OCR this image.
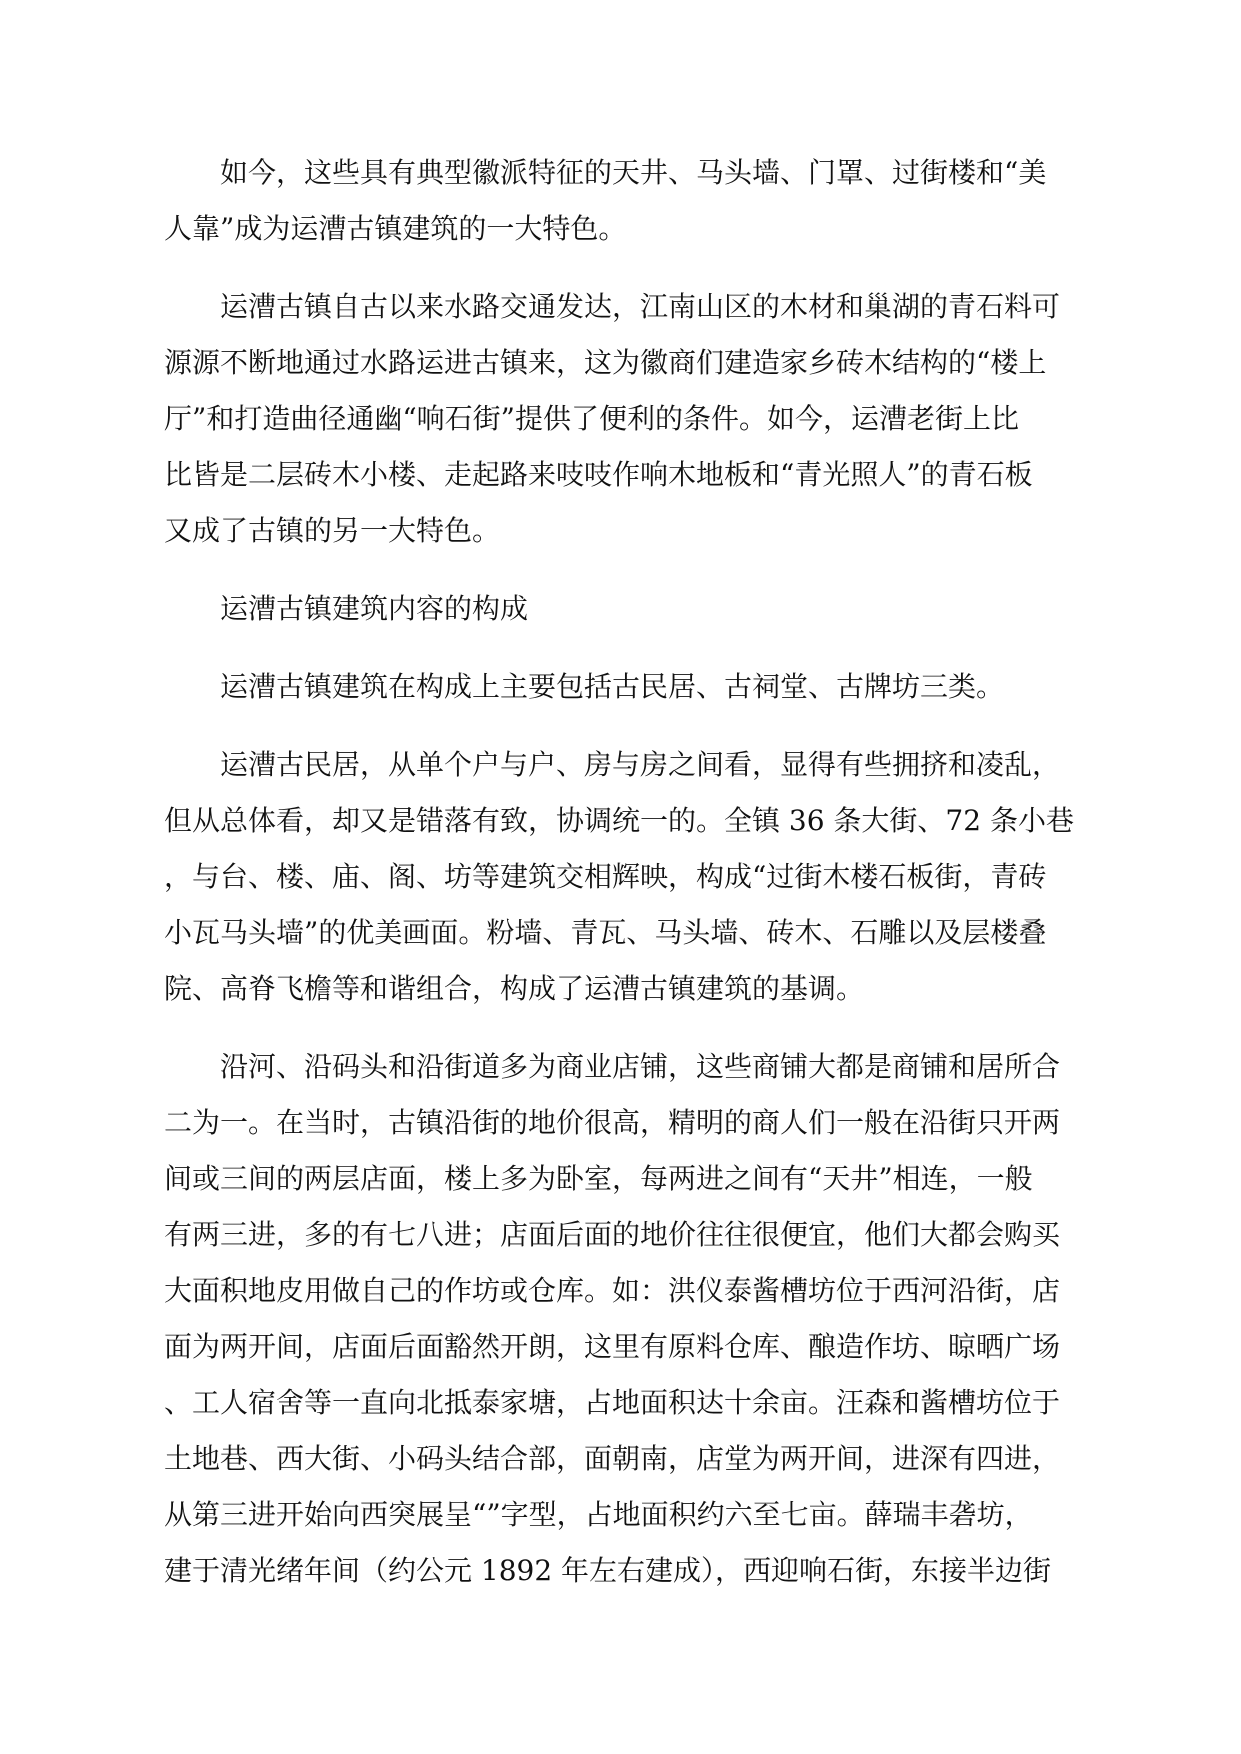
如今，这些具有典型徽派特征的天井、马头墙、门罩、过街楼和“美
人靠”成为运漕古镇建筑的一大特色。
运漕古镇自古以来水路交通发达，江南山区的木材和巢湖的青石料可
源源不断地通过水路运进古镇来，这为徽商们建造家乡砖木结构的“楼上
厅”和打造曲径通幽“响石街”提供了便利的条件。如今，运漕老街上比
比皆是二层砖木小楼、走起路来吱吱作响木地板和“青光照人”的青石板
又成了古镇的另一大特色。
运漕古镇建筑内容的构成
运漕古镇建筑在构成上主要包括古民居、古祠堂、古牌坊三类。
运漕古民居，从单个户与户、房与房之间看，显得有些拥挤和凌乱，
但从总体看，却又是错落有致，协调统一的。全镇 36 条大街、72 条小巷
，与台、楼、庙、阁、坊等建筑交相辉映，构成“过街木楼石板街，青砖
小瓦马头墙”的优美画面。粉墙、青瓦、马头墙、砖木、石雕以及层楼叠
院、高脊飞檐等和谐组合，构成了运漕古镇建筑的基调。
沿河、沿码头和沿街道多为商业店铺，这些商铺大都是商铺和居所合
二为一。在当时，古镇沿街的地价很高，精明的商人们一般在沿街只开两
间或三间的两层店面，楼上多为卧室，每两进之间有“天井”相连，一般
有两三进，多的有七八进；店面后面的地价往往很便宜，他们大都会购买
大面积地皮用做自己的作坊或仓库。如：洪仪泰酱槽坊位于西河沿街，店
面为两开间，店面后面豁然开朗，这里有原料仓库、酿造作坊、晾晒广场
、工人宿舍等一直向北抵泰家塘，占地面积达十余亩。汪森和酱槽坊位于
土地巷、西大街、小码头结合部，面朝南，店堂为两开间，进深有四进，
从第三进开始向西突展呈“”字型，占地面积约六至七亩。薛瑞丰砻坊，
建于清光绪年间（约公元 1892 年左右建成），西迎响石街，东接半边街
